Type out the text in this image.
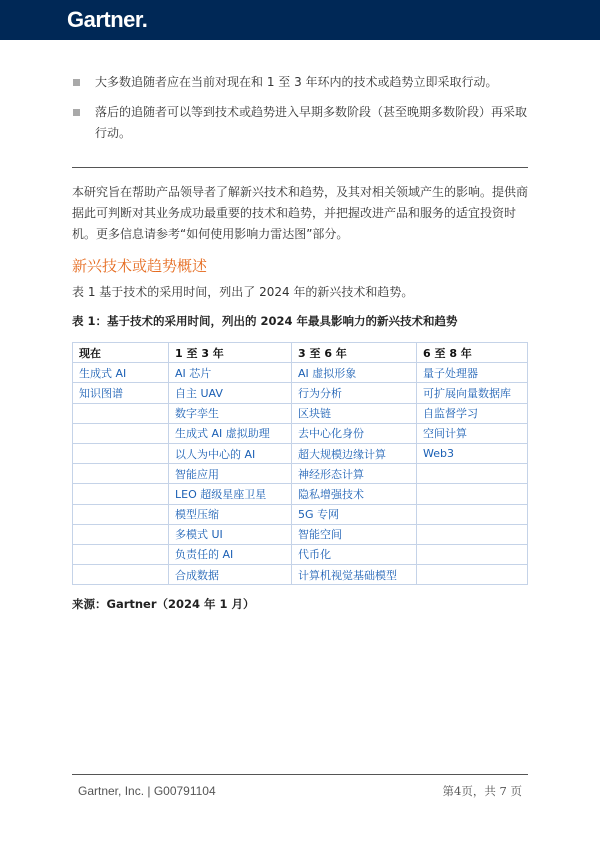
Gartner.
大多数追随者应在当前对现在和 1 至 3 年环内的技术或趋势立即采取行动。
落后的追随者可以等到技术或趋势进入早期多数阶段（甚至晚期多数阶段）再采取行动。
本研究旨在帮助产品领导者了解新兴技术和趋势，及其对相关领域产生的影响。提供商据此可判断对其业务成功最重要的技术和趋势，并把握改进产品和服务的适宜投资时机。更多信息请参考“如何使用影响力雷达图”部分。
新兴技术或趋势概述
表 1 基于技术的采用时间，列出了 2024 年的新兴技术和趋势。
表 1：基于技术的采用时间，列出的 2024 年最具影响力的新兴技术和趋势
现在	1 至 3 年	3 至 6 年	6 至 8 年
生成式 AI	AI 芯片	AI 虚拟形象	量子处理器
知识图谱	自主 UAV	行为分析	可扩展向量数据库
	数字孪生	区块链	自监督学习
	生成式 AI 虚拟助理	去中心化身份	空间计算
	以人为中心的 AI	超大规模边缘计算	Web3
	智能应用	神经形态计算	
	LEO 超级星座卫星	隐私增强技术	
	模型压缩	5G 专网	
	多模式 UI	智能空间	
	负责任的 AI	代币化	
	合成数据	计算机视觉基础模型	
来源：Gartner（2024 年 1 月）
Gartner, Inc. | G00791104	第4页，共 7 页
